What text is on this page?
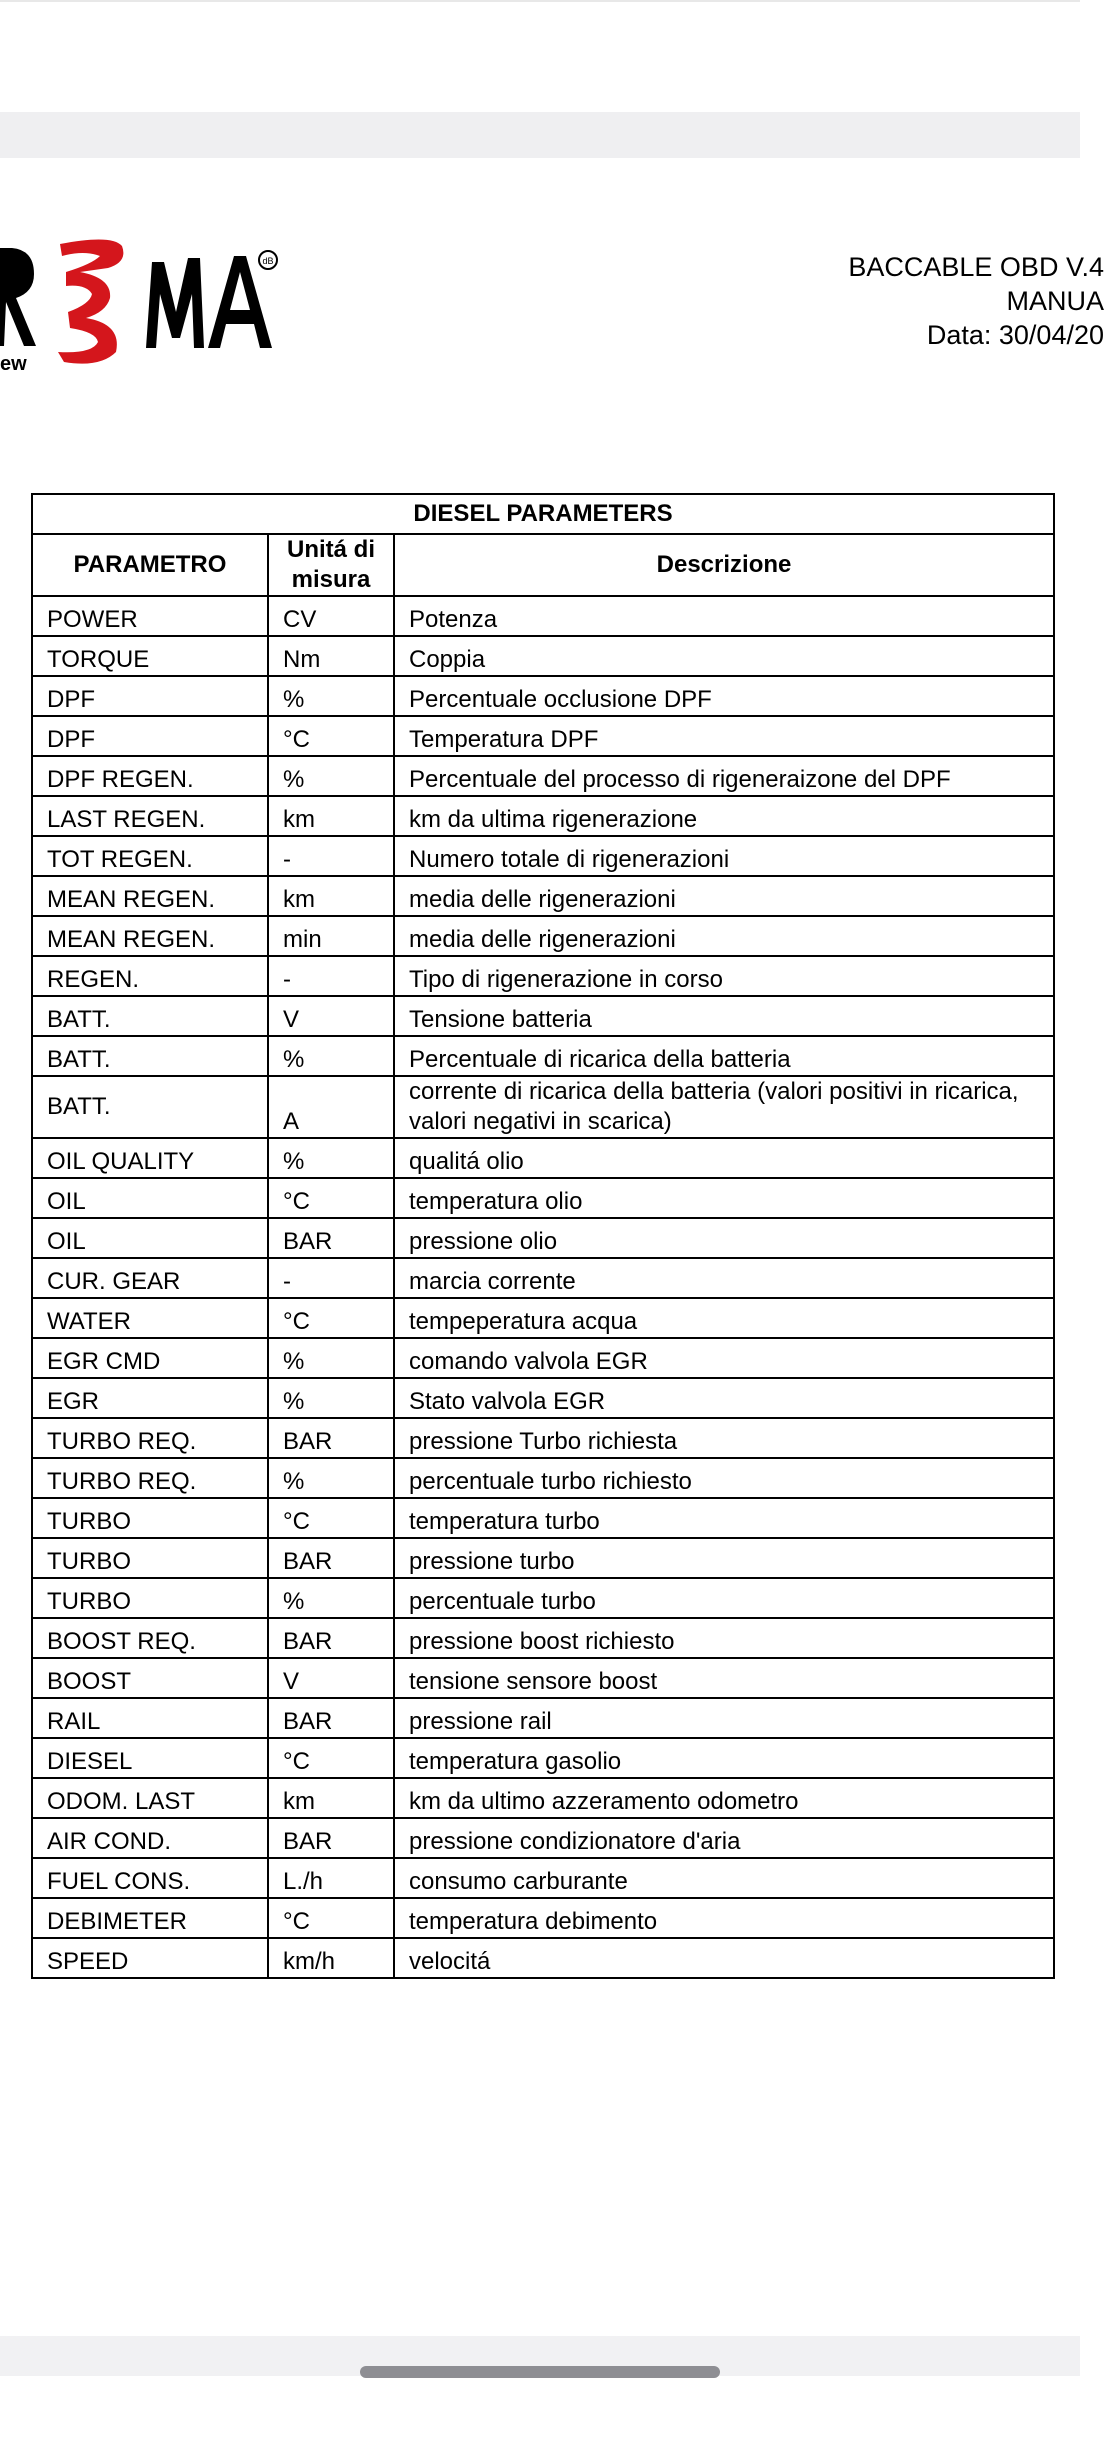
dB
ew
BACCABLE OBD V.4
MANUA
Data: 30/04/20
DIESEL PARAMETERS		
PARAMETRO	Unitá di misura	Descrizione
POWER	CV	Potenza
TORQUE	Nm	Coppia
DPF	%	Percentuale occlusione DPF
DPF	°C	Temperatura DPF
DPF REGEN.	%	Percentuale del processo di rigeneraizone del DPF
LAST REGEN.	km	km da ultima rigenerazione
TOT REGEN.	-	Numero totale di rigenerazioni
MEAN REGEN.	km	media delle rigenerazioni
MEAN REGEN.	min	media delle rigenerazioni
REGEN.	-	Tipo di rigenerazione in corso
BATT.	V	Tensione batteria
BATT.	%	Percentuale di ricarica della batteria
BATT.	A	corrente di ricarica della batteria (valori positivi in ricarica, valori negativi in scarica)
OIL QUALITY	%	qualitá olio
OIL	°C	temperatura olio
OIL	BAR	pressione olio
CUR. GEAR	-	marcia corrente
WATER	°C	tempeperatura acqua
EGR CMD	%	comando valvola EGR
EGR	%	Stato valvola EGR
TURBO REQ.	BAR	pressione Turbo richiesta
TURBO REQ.	%	percentuale turbo richiesto
TURBO	°C	temperatura turbo
TURBO	BAR	pressione turbo
TURBO	%	percentuale turbo
BOOST REQ.	BAR	pressione boost richiesto
BOOST	V	tensione sensore boost
RAIL	BAR	pressione rail
DIESEL	°C	temperatura gasolio
ODOM. LAST	km	km da ultimo azzeramento odometro
AIR COND.	BAR	pressione condizionatore d'aria
FUEL CONS.	L./h	consumo carburante
DEBIMETER	°C	temperatura debimento
SPEED	km/h	velocitá
